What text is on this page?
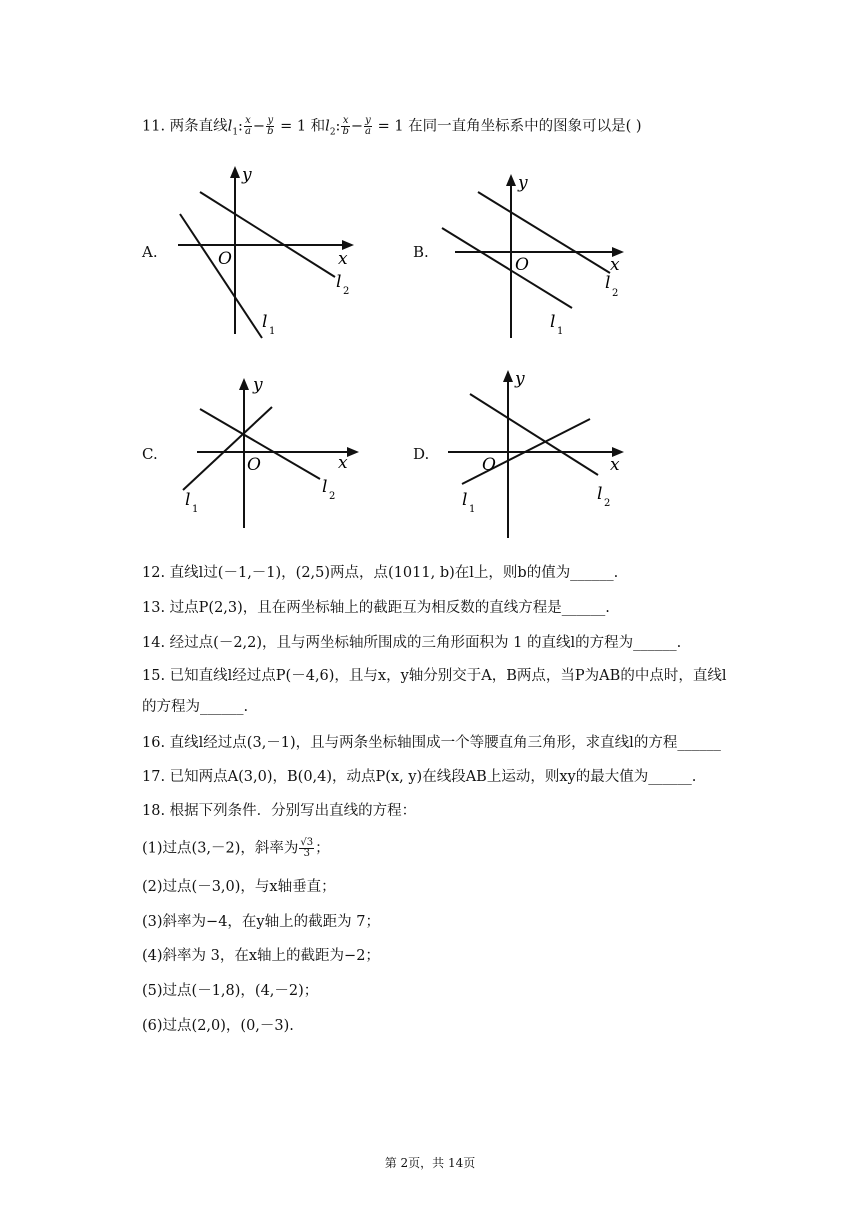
11. 两条直线$l_1$: $\frac{x}{a} - \frac{y}{b} = 1$ 和$l_2$: $\frac{x}{b} - \frac{y}{a} = 1$ 在同一直角坐标系中的图象可以是( )
A.	B.
C.	D.
y
x
O
l 2
l 1
y
x
O
l
2
l 1
y
x
O
l 2
l 1
y
x
O
l 2
l 1
12. 直线l过(－1,－1)，(2,5)两点，点(1011, b)在l上，则b的值为______.
13. 过点P(2,3)，且在两坐标轴上的截距互为相反数的直线方程是______.
14. 经过点(－2,2)，且与两坐标轴所围成的三角形面积为 1 的直线l的方程为______.
15. 已知直线l经过点P(－4,6)，且与x，y轴分别交于A，B两点，当P为AB的中点时，直线l
的方程为______.
16. 直线l经过点(3,－1)，且与两条坐标轴围成一个等腰直角三角形，求直线l的方程______
17. 已知两点A(3,0)，B(0,4)，动点P(x, y)在线段AB上运动，则xy的最大值为______.
18. 根据下列条件．分别写出直线的方程：
(1)过点(3,－2)，斜率为 $\frac{√3}{3}$ ；
(2)过点(－3,0)，与x轴垂直；
(3)斜率为−4，在y轴上的截距为 7；
(4)斜率为 3，在x轴上的截距为−2；
(5)过点(－1,8)，(4,－2)；
(6)过点(2,0)，(0,－3).
第 2页，共 14页
